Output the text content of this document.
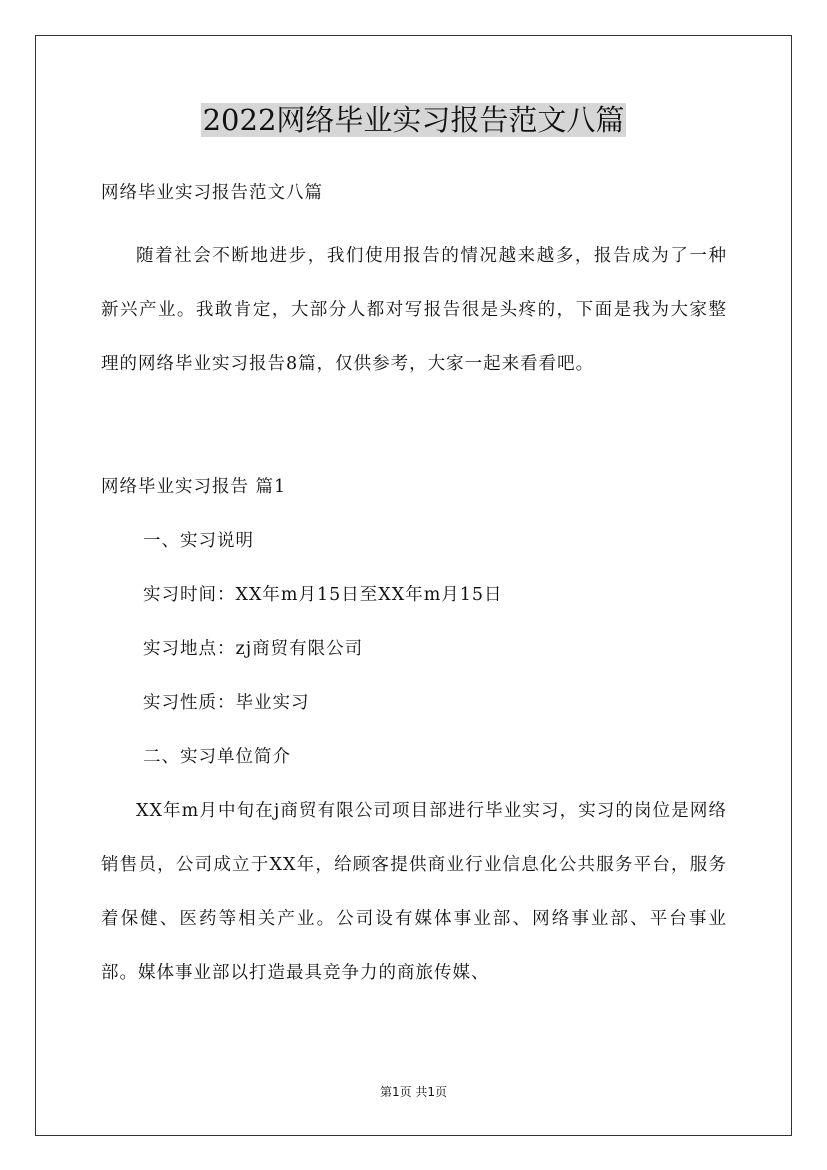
2022网络毕业实习报告范文八篇

网络毕业实习报告范文八篇

随着社会不断地进步，我们使用报告的情况越来越多，报告成为了一种新兴产业。我敢肯定，大部分人都对写报告很是头疼的，下面是我为大家整理的网络毕业实习报告8篇，仅供参考，大家一起来看看吧。

网络毕业实习报告 篇1

一、实习说明

实习时间：XX年m月15日至XX年m月15日

实习地点：zj商贸有限公司

实习性质：毕业实习

二、实习单位简介

XX年m月中旬在j商贸有限公司项目部进行毕业实习，实习的岗位是网络销售员，公司成立于XX年，给顾客提供商业行业信息化公共服务平台，服务着保健、医药等相关产业。公司设有媒体事业部、网络事业部、平台事业部。媒体事业部以打造最具竞争力的商旅传媒、

第1页 共1页
